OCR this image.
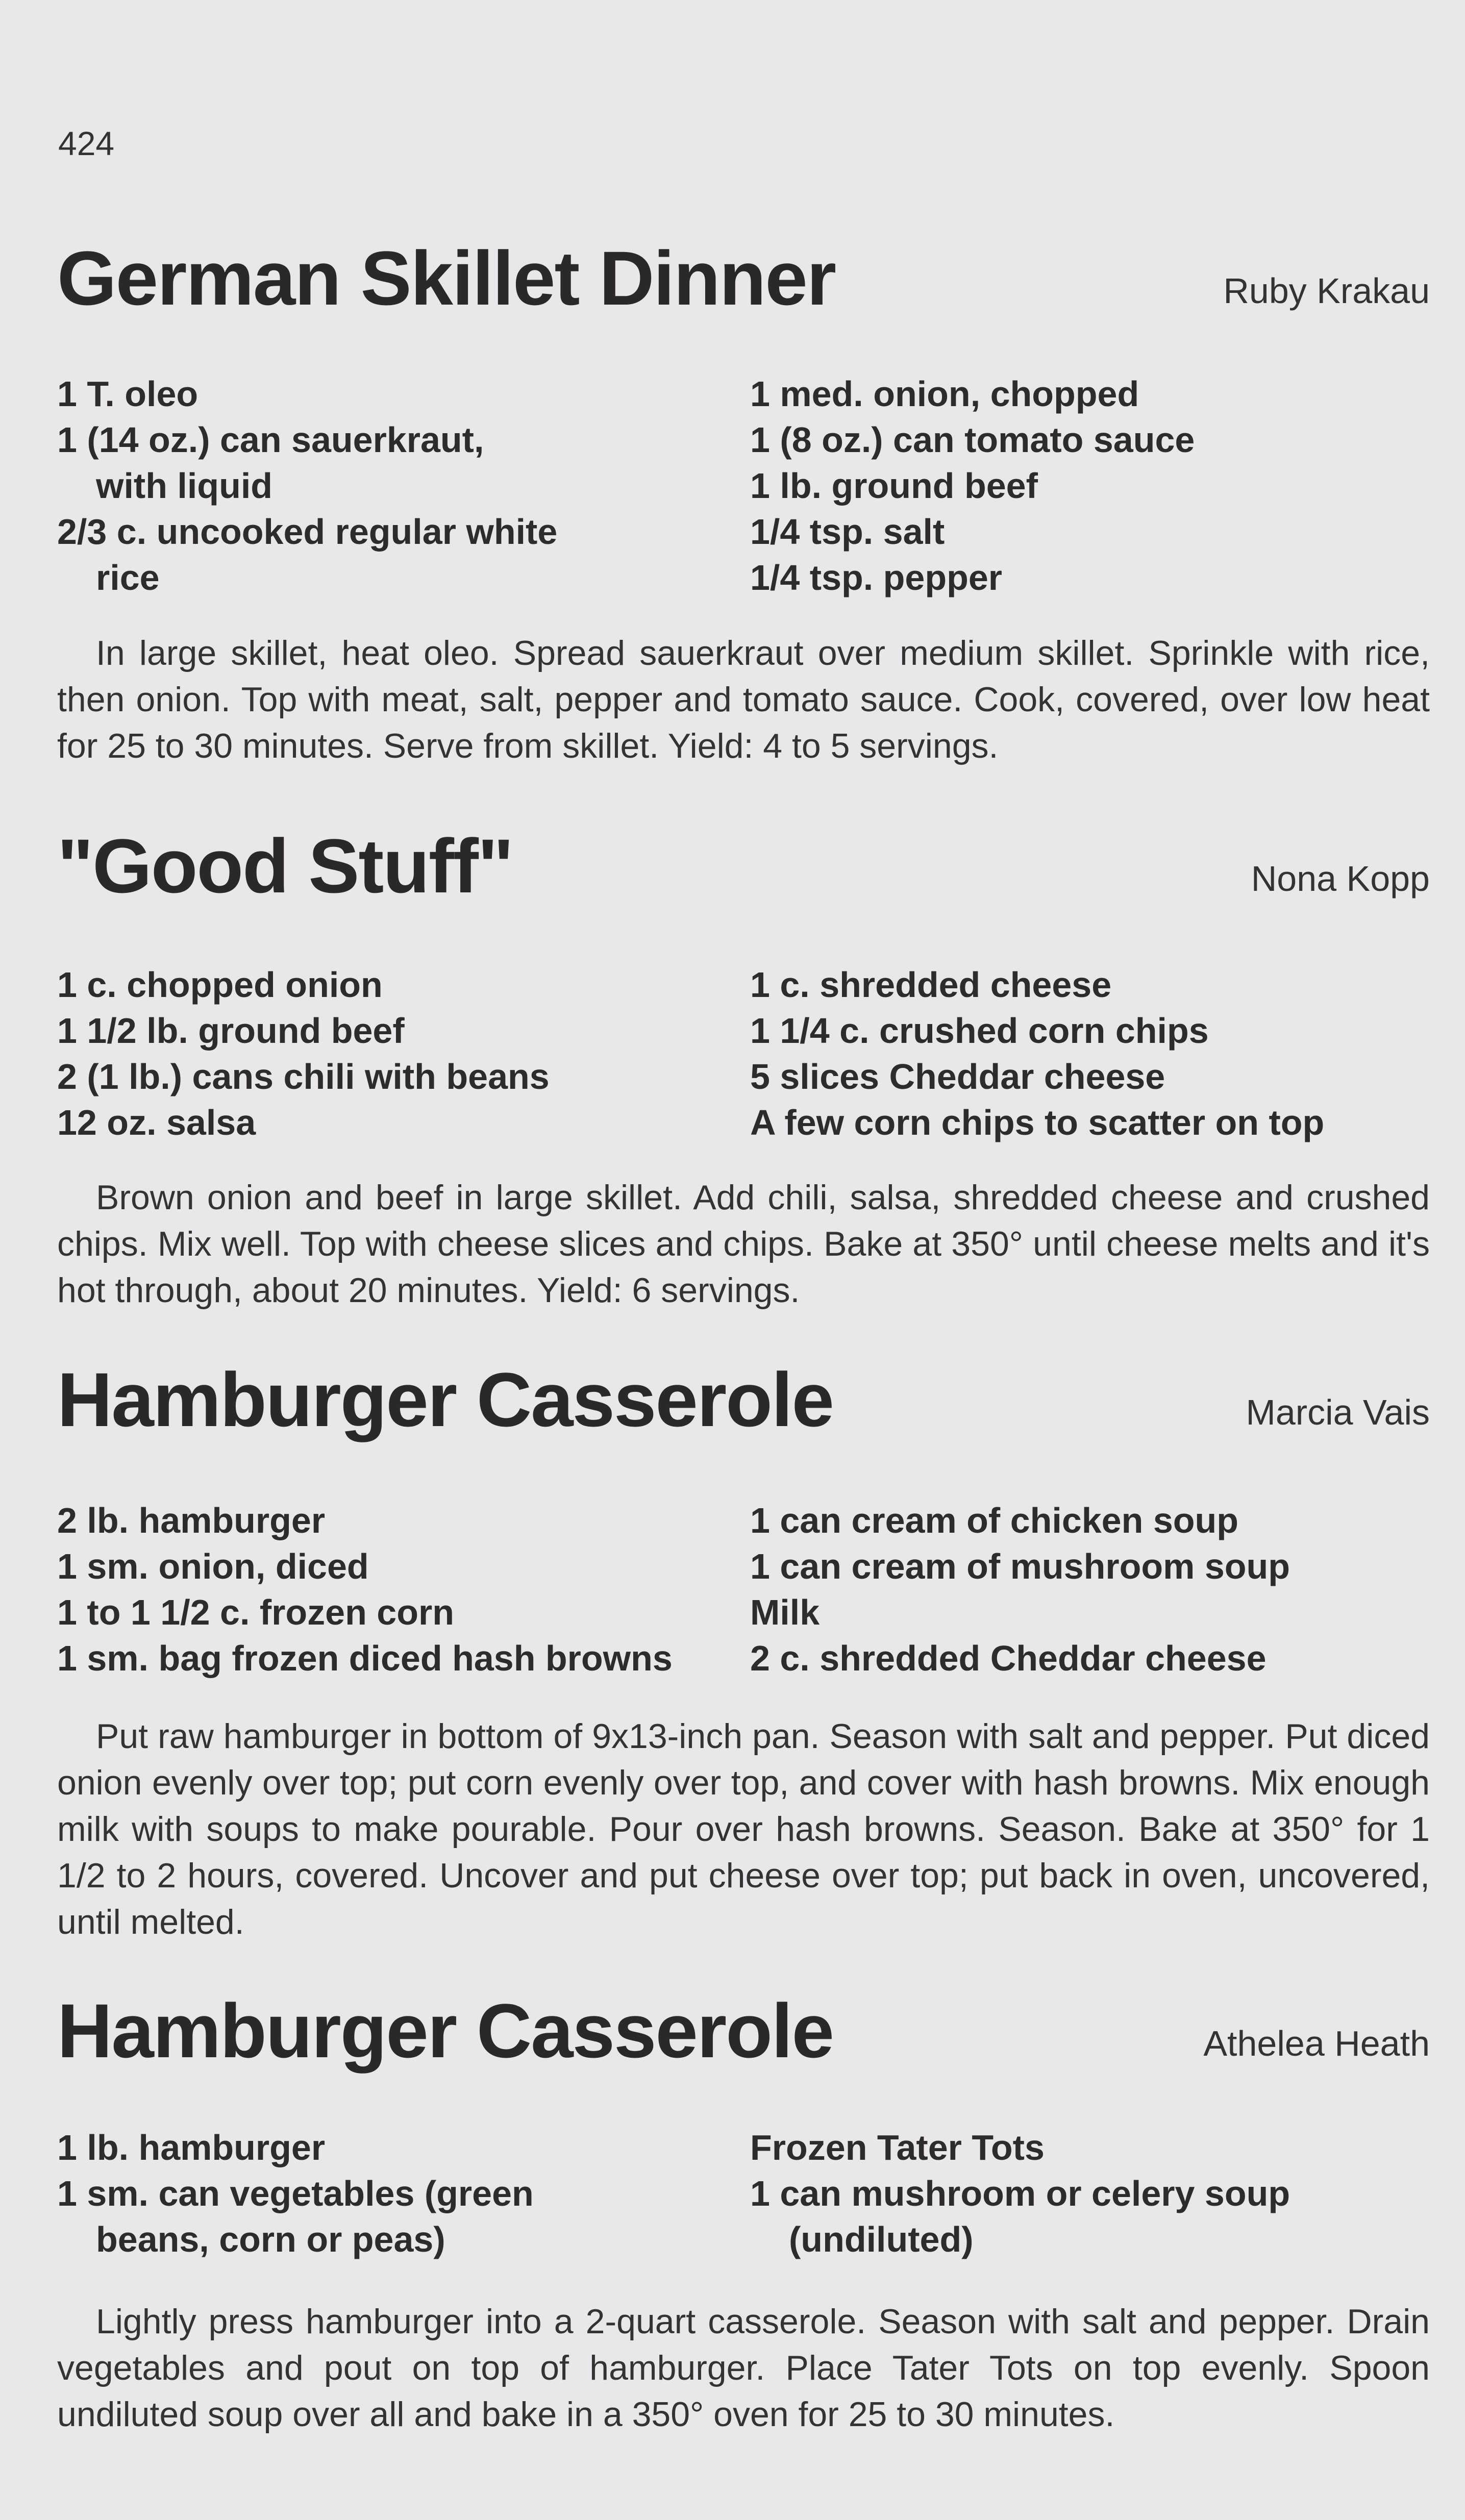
424
German Skillet Dinner	Ruby Krakau
1 T. oleo
1 (14 oz.) can sauerkraut,
with liquid
2/3 c. uncooked regular white
rice
1 med. onion, chopped
1 (8 oz.) can tomato sauce
1 lb. ground beef
1/4 tsp. salt
1/4 tsp. pepper
In large skillet, heat oleo. Spread sauerkraut over medium skillet. Sprinkle with rice, then onion. Top with meat, salt, pepper and tomato sauce. Cook, covered, over low heat for 25 to 30 minutes. Serve from skillet. Yield: 4 to 5 servings.
"Good Stuff"	Nona Kopp
1 c. chopped onion
1 1/2 lb. ground beef
2 (1 lb.) cans chili with beans
12 oz. salsa
1 c. shredded cheese
1 1/4 c. crushed corn chips
5 slices Cheddar cheese
A few corn chips to scatter on top
Brown onion and beef in large skillet. Add chili, salsa, shredded cheese and crushed chips. Mix well. Top with cheese slices and chips. Bake at 350° until cheese melts and it's hot through, about 20 minutes. Yield: 6 servings.
Hamburger Casserole	Marcia Vais
2 lb. hamburger
1 sm. onion, diced
1 to 1 1/2 c. frozen corn
1 sm. bag frozen diced hash browns
1 can cream of chicken soup
1 can cream of mushroom soup
Milk
2 c. shredded Cheddar cheese
Put raw hamburger in bottom of 9x13-inch pan. Season with salt and pepper. Put diced onion evenly over top; put corn evenly over top, and cover with hash browns. Mix enough milk with soups to make pourable. Pour over hash browns. Season. Bake at 350° for 1 1/2 to 2 hours, covered. Uncover and put cheese over top; put back in oven, uncovered, until melted.
Hamburger Casserole	Athelea Heath
1 lb. hamburger
1 sm. can vegetables (green
beans, corn or peas)
Frozen Tater Tots
1 can mushroom or celery soup
(undiluted)
Lightly press hamburger into a 2-quart casserole. Season with salt and pepper. Drain vegetables and pout on top of hamburger. Place Tater Tots on top evenly. Spoon undiluted soup over all and bake in a 350° oven for 25 to 30 minutes.
